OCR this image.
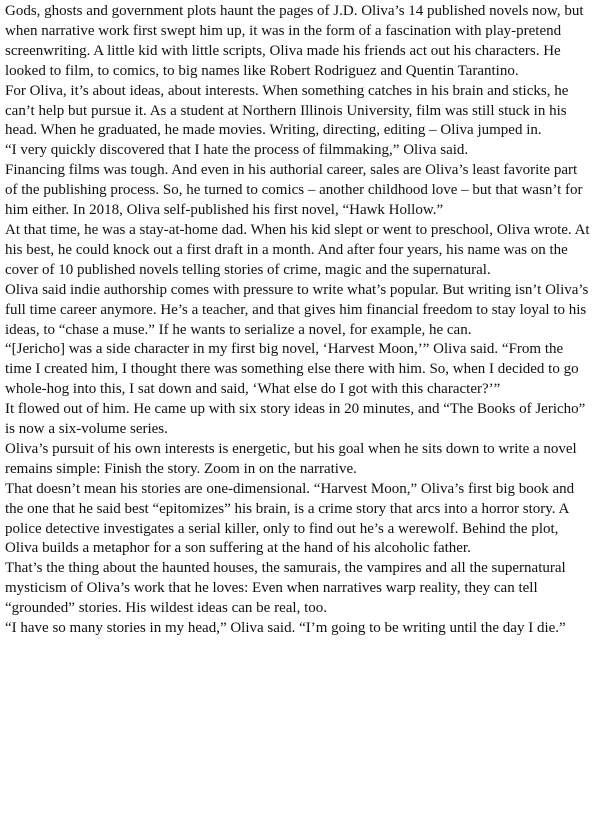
Gods, ghosts and government plots haunt the pages of J.D. Oliva’s 14 published novels now, but when narrative work first swept him up, it was in the form of a fascination with play-pretend screenwriting. A little kid with little scripts, Oliva made his friends act out his characters. He looked to film, to comics, to big names like Robert Rodriguez and Quentin Tarantino.

For Oliva, it’s about ideas, about interests. When something catches in his brain and sticks, he can’t help but pursue it. As a student at Northern Illinois University, film was still stuck in his head. When he graduated, he made movies. Writing, directing, editing – Oliva jumped in.

“I very quickly discovered that I hate the process of filmmaking,” Oliva said.

Financing films was tough. And even in his authorial career, sales are Oliva’s least favorite part of the publishing process. So, he turned to comics – another childhood love – but that wasn’t for him either. In 2018, Oliva self-published his first novel, “Hawk Hollow.”

At that time, he was a stay-at-home dad. When his kid slept or went to preschool, Oliva wrote. At his best, he could knock out a first draft in a month. And after four years, his name was on the cover of 10 published novels telling stories of crime, magic and the supernatural.

Oliva said indie authorship comes with pressure to write what’s popular. But writing isn’t Oliva’s full time career anymore. He’s a teacher, and that gives him financial freedom to stay loyal to his ideas, to “chase a muse.” If he wants to serialize a novel, for example, he can.

“[Jericho] was a side character in my first big novel, ‘Harvest Moon,’” Oliva said. “From the time I created him, I thought there was something else there with him. So, when I decided to go whole-hog into this, I sat down and said, ‘What else do I got with this character?’”

It flowed out of him. He came up with six story ideas in 20 minutes, and “The Books of Jericho” is now a six-volume series.

Oliva’s pursuit of his own interests is energetic, but his goal when he sits down to write a novel remains simple: Finish the story. Zoom in on the narrative.

That doesn’t mean his stories are one-dimensional. “Harvest Moon,” Oliva’s first big book and the one that he said best “epitomizes” his brain, is a crime story that arcs into a horror story. A police detective investigates a serial killer, only to find out he’s a werewolf. Behind the plot, Oliva builds a metaphor for a son suffering at the hand of his alcoholic father.

That’s the thing about the haunted houses, the samurais, the vampires and all the supernatural mysticism of Oliva’s work that he loves: Even when narratives warp reality, they can tell “grounded” stories. His wildest ideas can be real, too.

“I have so many stories in my head,” Oliva said. “I’m going to be writing until the day I die.”
